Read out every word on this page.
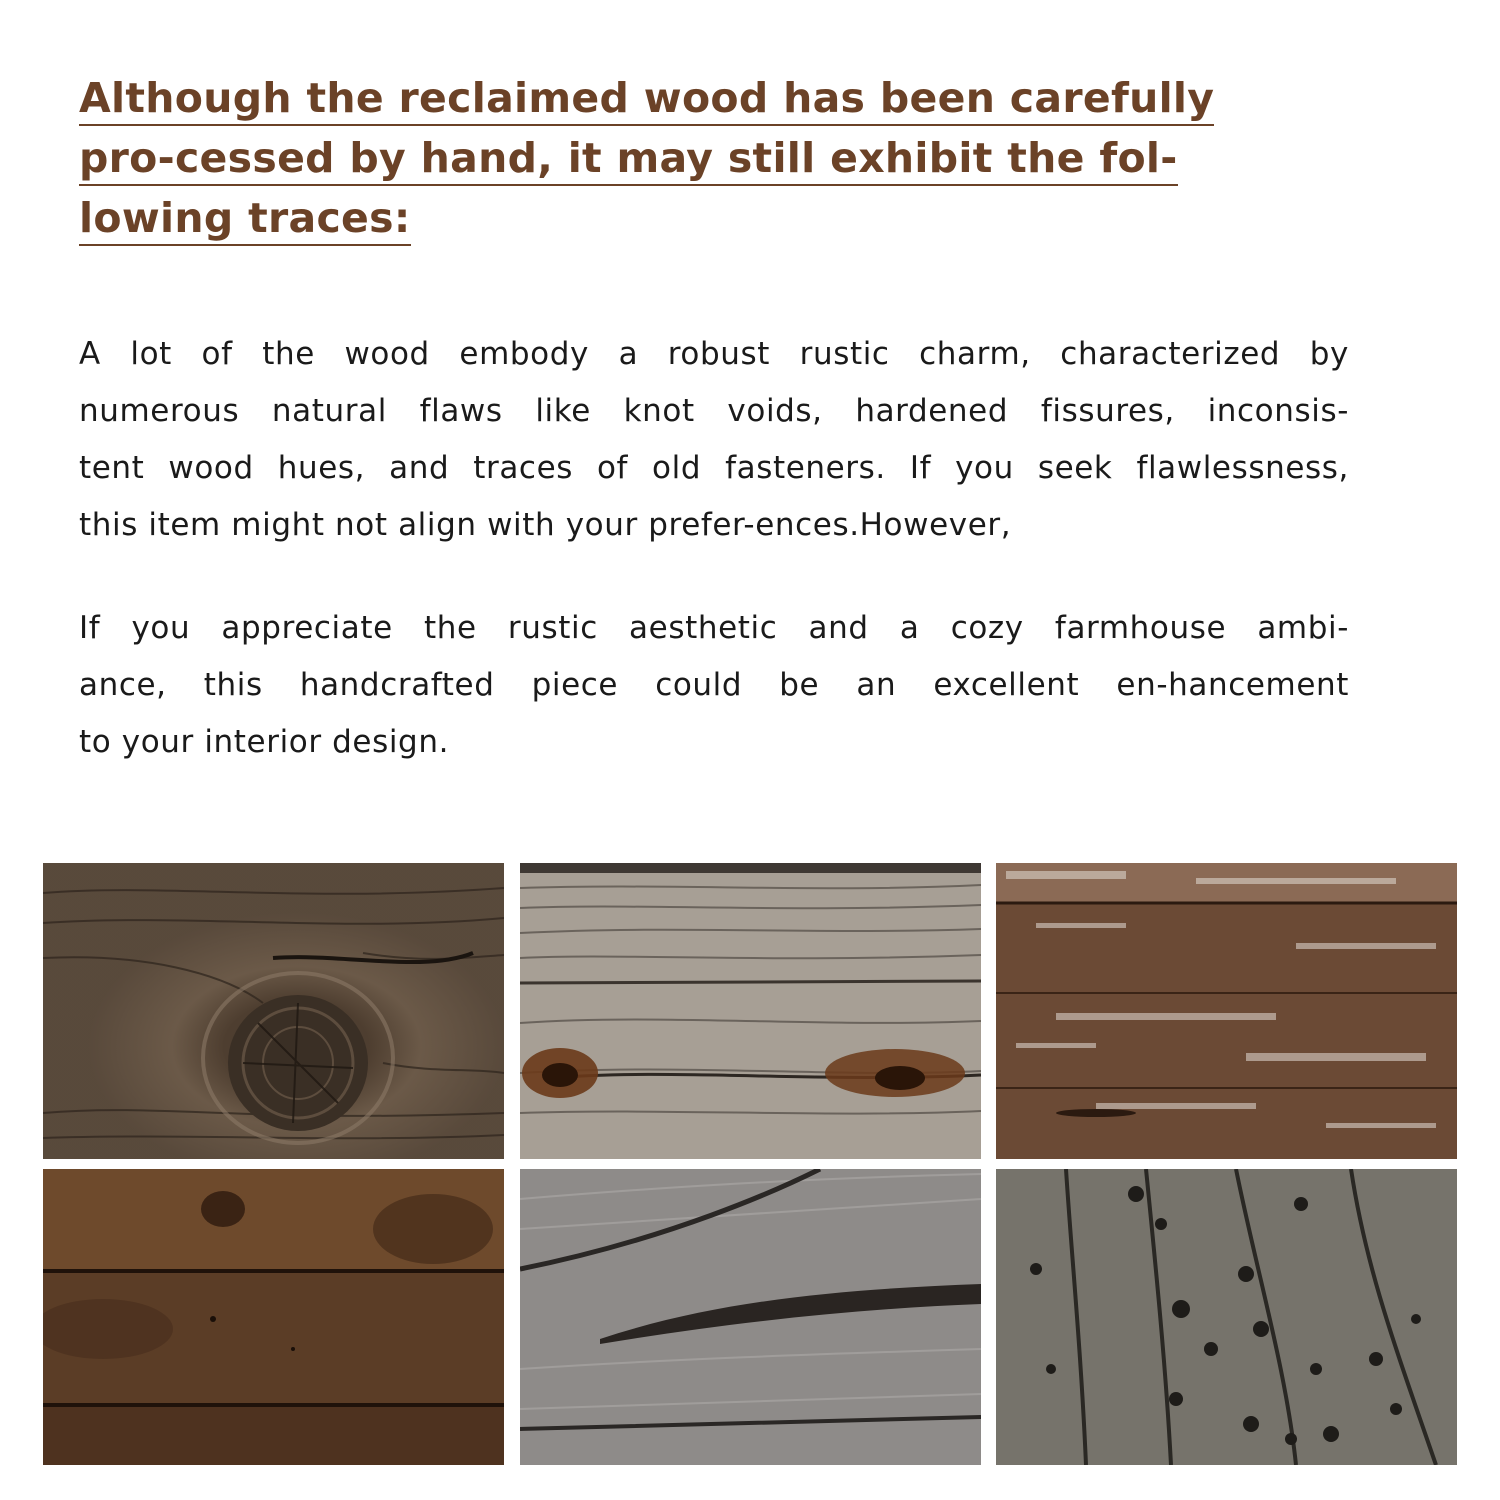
Although the reclaimed wood has been carefully
pro-cessed by hand, it may still exhibit the fol-
lowing traces:
A lot of the wood embody a robust rustic charm, characterized by
numerous natural flaws like knot voids, hardened fissures, inconsis-
tent wood hues, and traces of old fasteners. If you seek flawlessness,
this item might not align with your prefer-ences.However,
If you appreciate the rustic aesthetic and a cozy farmhouse ambi-
ance, this handcrafted piece could be an excellent en-hancement
to your interior design.
